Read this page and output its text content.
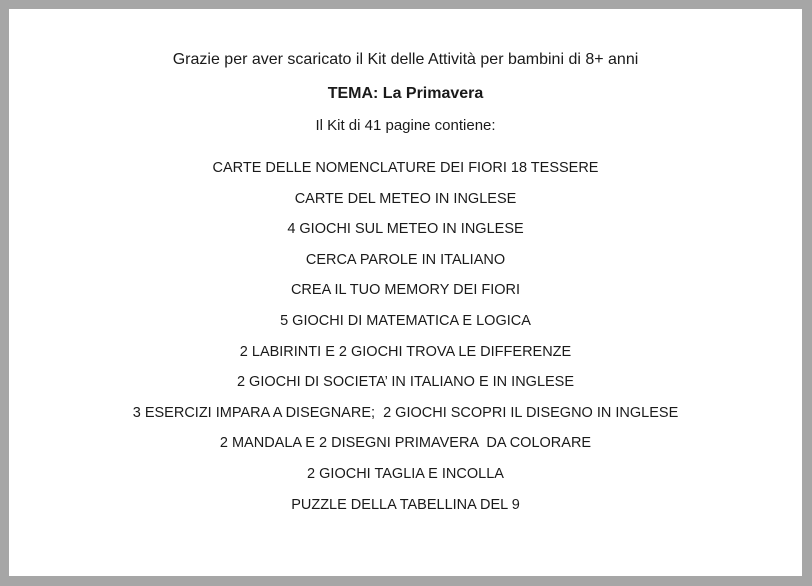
Grazie per aver scaricato il Kit delle Attività per bambini di 8+ anni
TEMA: La Primavera
Il Kit di 41 pagine contiene:
CARTE DELLE NOMENCLATURE DEI FIORI 18 TESSERE
CARTE DEL METEO IN INGLESE
4 GIOCHI SUL METEO IN INGLESE
CERCA PAROLE IN ITALIANO
CREA IL TUO MEMORY DEI FIORI
5 GIOCHI DI MATEMATICA E LOGICA
2 LABIRINTI E 2 GIOCHI TROVA LE DIFFERENZE
2 GIOCHI DI SOCIETA’ IN ITALIANO E IN INGLESE
3 ESERCIZI IMPARA A DISEGNARE;  2 GIOCHI SCOPRI IL DISEGNO IN INGLESE
2 MANDALA E 2 DISEGNI PRIMAVERA  DA COLORARE
2 GIOCHI TAGLIA E INCOLLA
PUZZLE DELLA TABELLINA DEL 9
